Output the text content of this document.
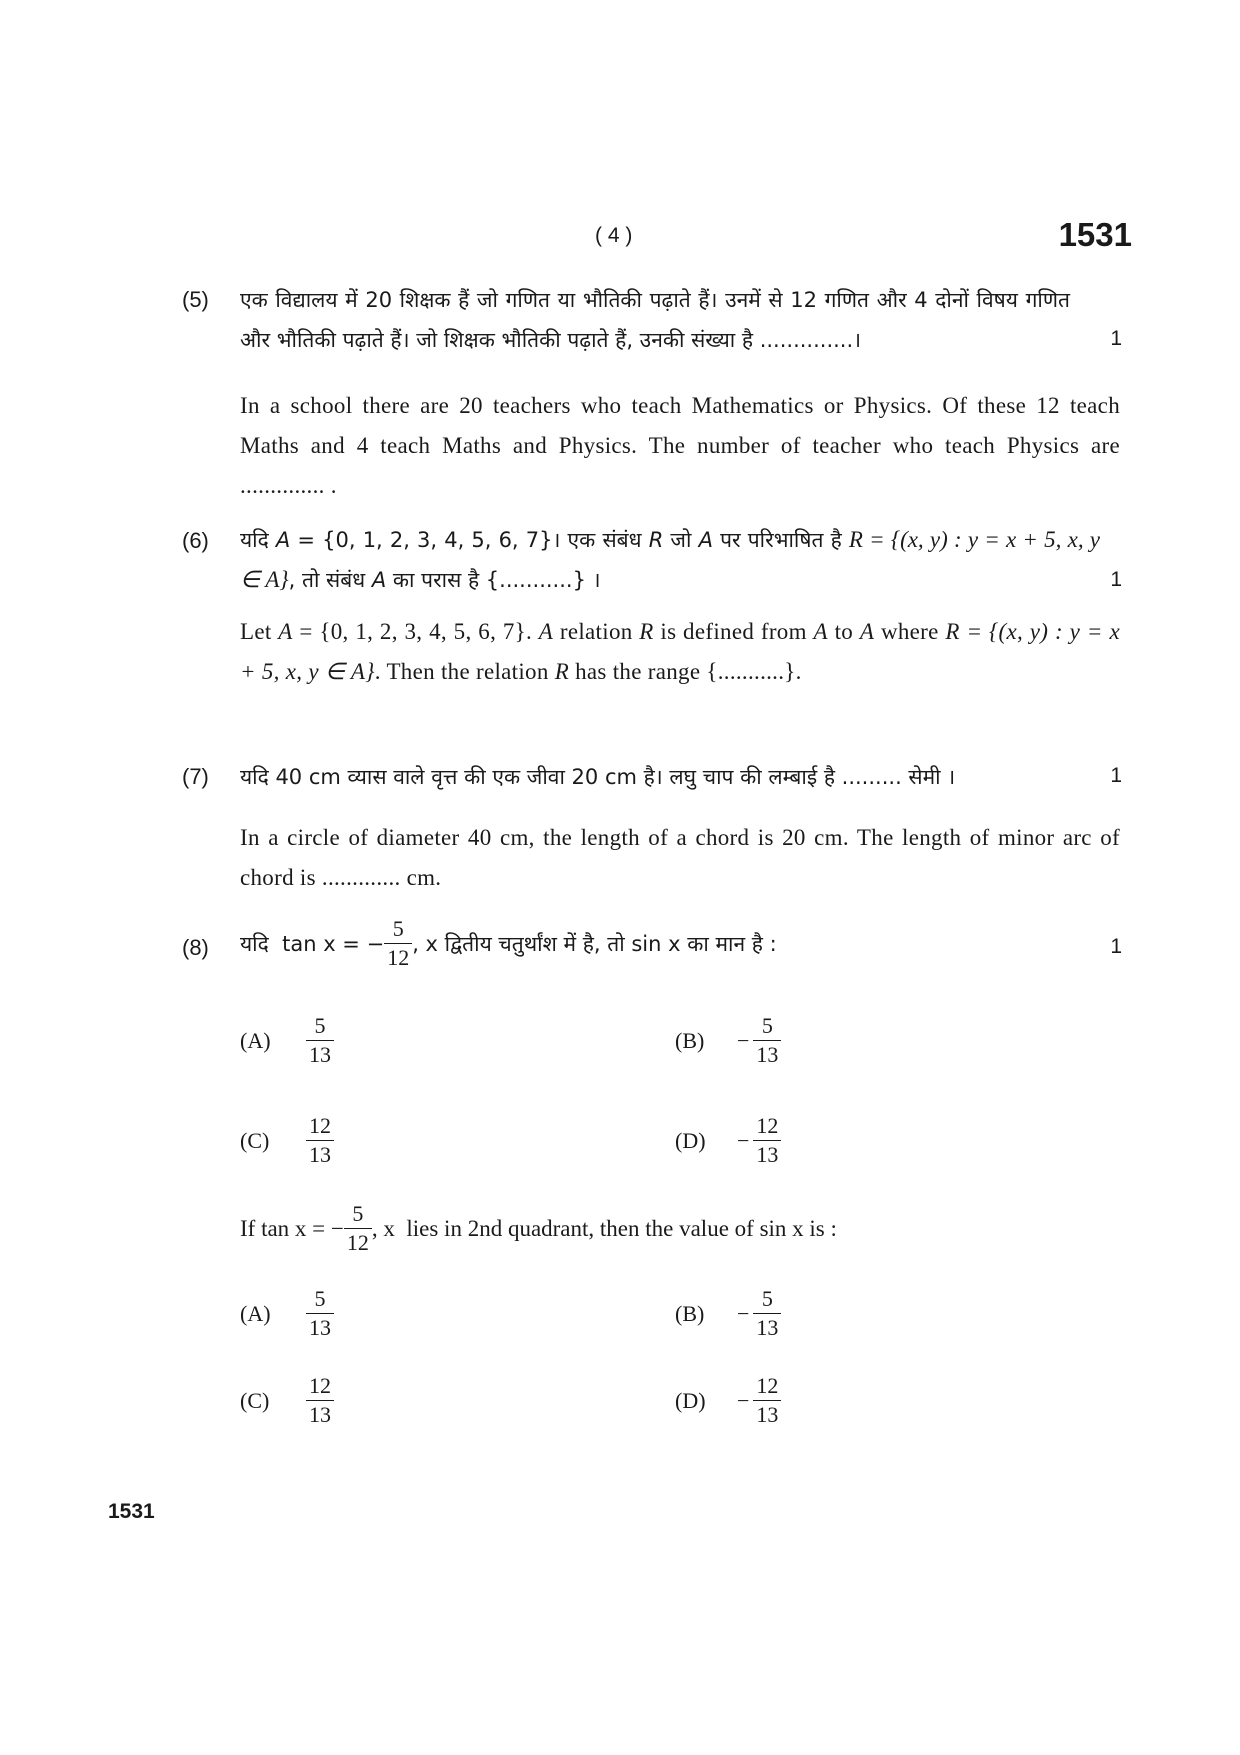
( 4 )	1531
(5) एक विद्यालय में 20 शिक्षक हैं जो गणित या भौतिकी पढ़ाते हैं। उनमें से 12 गणित और 4 दोनों विषय गणित और भौतिकी पढ़ाते हैं। जो शिक्षक भौतिकी पढ़ाते हैं, उनकी संख्या है ..............।	1
In a school there are 20 teachers who teach Mathematics or Physics. Of these 12 teach Maths and 4 teach Maths and Physics. The number of teacher who teach Physics are .............. .
(6) यदि A = {0, 1, 2, 3, 4, 5, 6, 7}। एक संबंध R जो A पर परिभाषित है R = {(x, y) : y = x + 5, x, y ∈ A}, तो संबंध A का परास है {...........} ।	1
Let A = {0, 1, 2, 3, 4, 5, 6, 7}. A relation R is defined from A to A where R = {(x, y) : y = x + 5, x, y ∈ A}. Then the relation R has the range {...........}.
(7) यदि 40 cm व्यास वाले वृत्त की एक जीवा 20 cm है। लघु चाप की लम्बाई है ......... सेमी ।	1
In a circle of diameter 40 cm, the length of a chord is 20 cm. The length of minor arc of chord is ............. cm.
(8) यदि  tan x = − $\frac{5}{12}$ , x द्वितीय चतुर्थांश में है, तो sin x का मान है :	1
(A)	$\frac{5}{13}$	(B)	− $\frac{5}{13}$
(C)	$\frac{12}{13}$	(D)	− $\frac{12}{13}$
If tan x = − $\frac{5}{12}$ , x  lies in 2nd quadrant, then the value of sin x is :
(A)	$\frac{5}{13}$	(B)	− $\frac{5}{13}$
(C)	$\frac{12}{13}$	(D)	− $\frac{12}{13}$
1531
